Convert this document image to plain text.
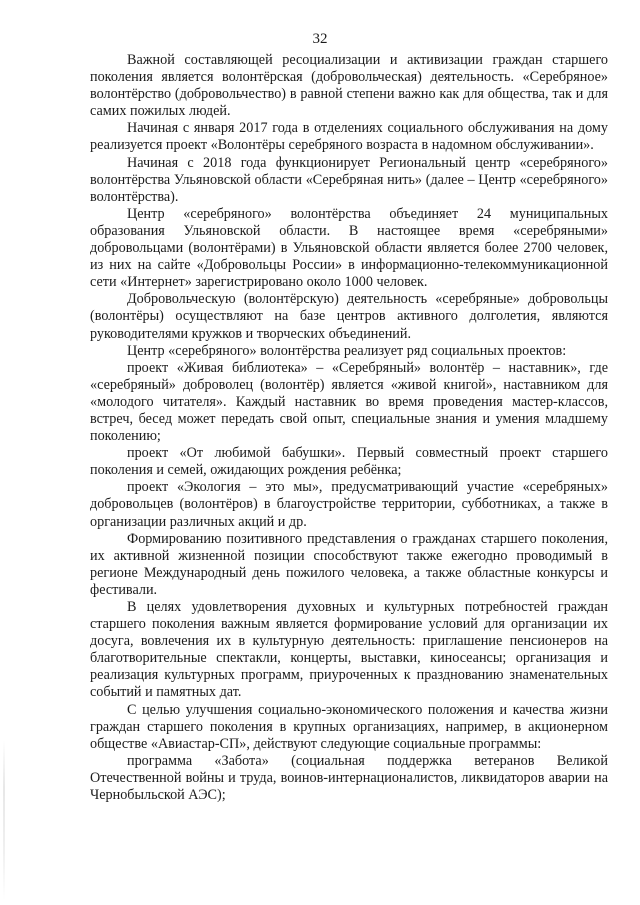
32

Важной составляющей ресоциализации и активизации граждан старшего поколения является волонтёрская (добровольческая) деятельность. «Серебряное» волонтёрство (добровольчество) в равной степени важно как для общества, так и для самих пожилых людей.

Начиная с января 2017 года в отделениях социального обслуживания на дому реализуется проект «Волонтёры серебряного возраста в надомном обслуживании».

Начиная с 2018 года функционирует Региональный центр «серебряного» волонтёрства Ульяновской области «Серебряная нить» (далее – Центр «серебряного» волонтёрства).

Центр «серебряного» волонтёрства объединяет 24 муниципальных образования Ульяновской области. В настоящее время «серебряными» добровольцами (волонтёрами) в Ульяновской области является более 2700 человек, из них на сайте «Добровольцы России» в информационно-телекоммуникационной сети «Интернет» зарегистрировано около 1000 человек.

Добровольческую (волонтёрскую) деятельность «серебряные» добровольцы (волонтёры) осуществляют на базе центров активного долголетия, являются руководителями кружков и творческих объединений.

Центр «серебряного» волонтёрства реализует ряд социальных проектов:

проект «Живая библиотека» – «Серебряный» волонтёр – наставник», где «серебряный» доброволец (волонтёр) является «живой книгой», наставником для «молодого читателя». Каждый наставник во время проведения мастер-классов, встреч, бесед может передать свой опыт, специальные знания и умения младшему поколению;

проект «От любимой бабушки». Первый совместный проект старшего поколения и семей, ожидающих рождения ребёнка;

проект «Экология – это мы», предусматривающий участие «серебряных» добровольцев (волонтёров) в благоустройстве территории, субботниках, а также в организации различных акций и др.

Формированию позитивного представления о гражданах старшего поколения, их активной жизненной позиции способствуют также ежегодно проводимый в регионе Международный день пожилого человека, а также областные конкурсы и фестивали.

В целях удовлетворения духовных и культурных потребностей граждан старшего поколения важным является формирование условий для организации их досуга, вовлечения их в культурную деятельность: приглашение пенсионеров на благотворительные спектакли, концерты, выставки, киносеансы; организация и реализация культурных программ, приуроченных к празднованию знаменательных событий и памятных дат.

С целью улучшения социально-экономического положения и качества жизни граждан старшего поколения в крупных организациях, например, в акционерном обществе «Авиастар-СП», действуют следующие социальные программы:

программа «Забота» (социальная поддержка ветеранов Великой Отечественной войны и труда, воинов-интернационалистов, ликвидаторов аварии на Чернобыльской АЭС);
